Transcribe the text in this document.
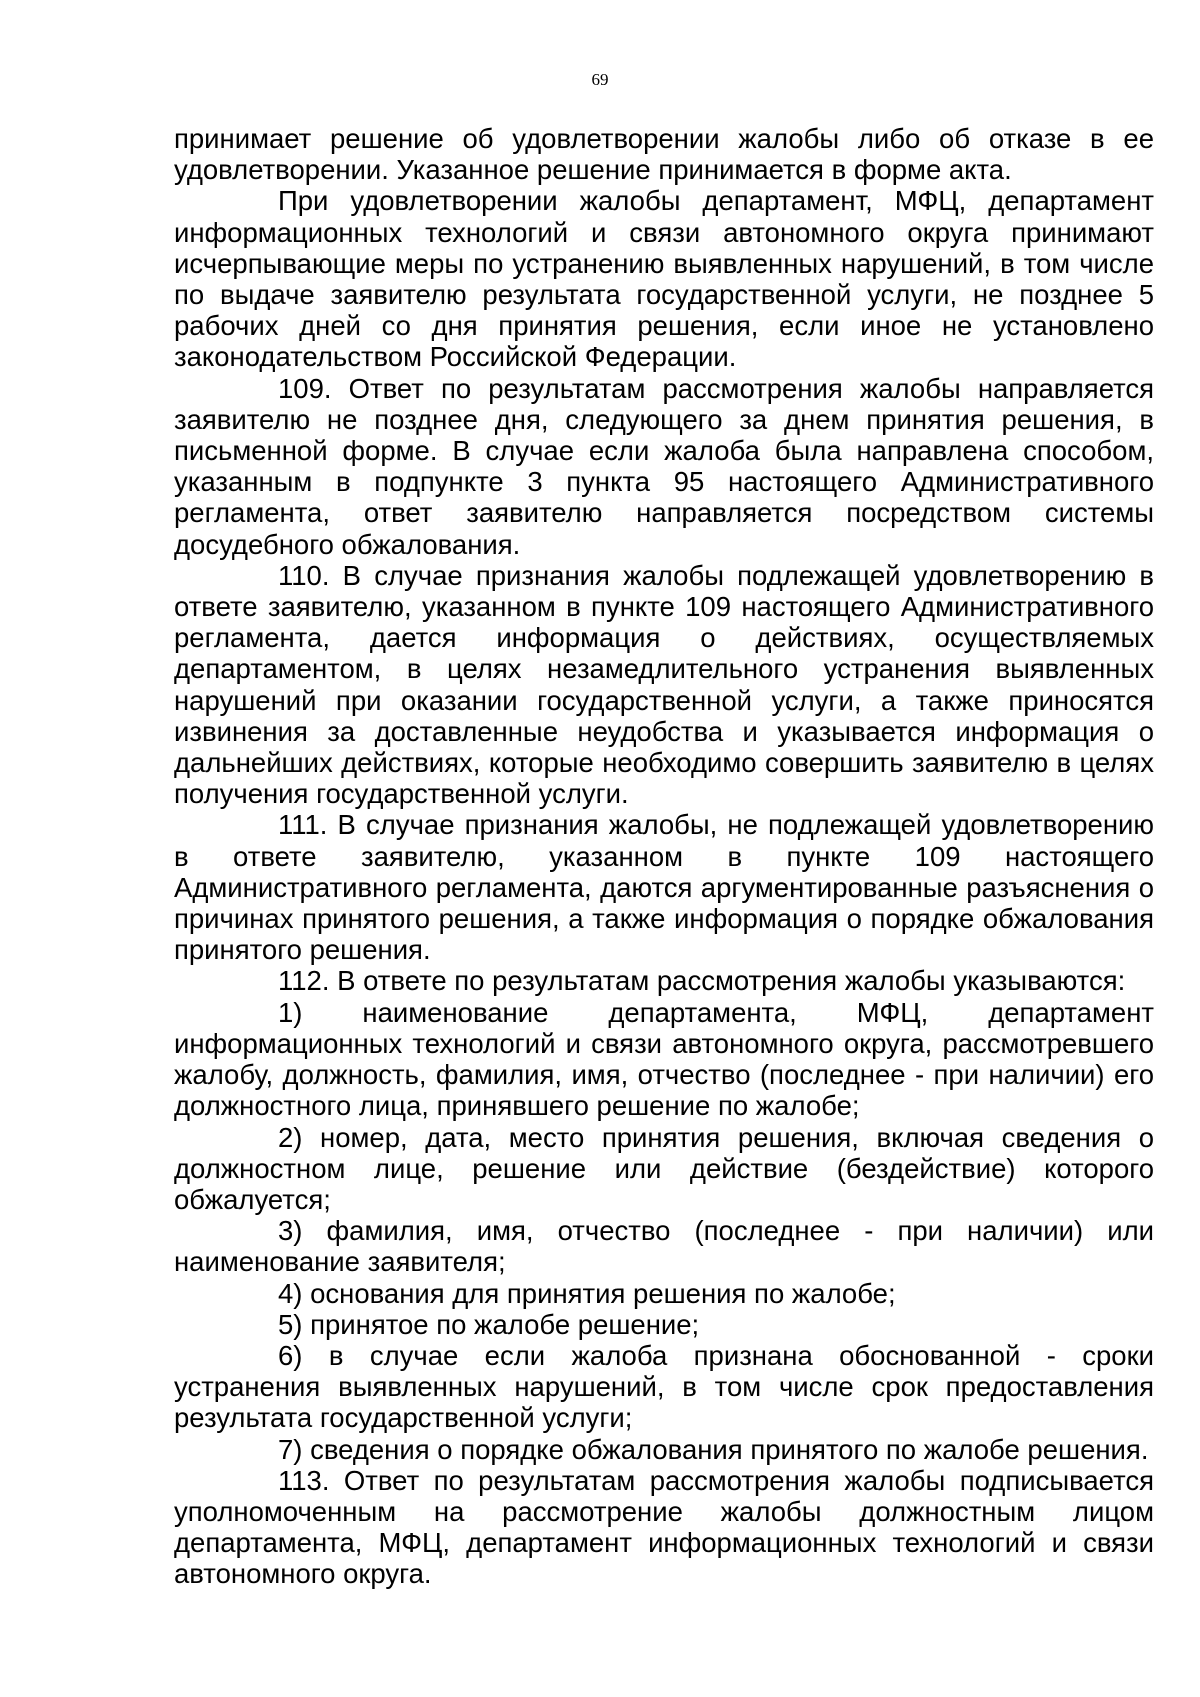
69

принимает решение об удовлетворении жалобы либо об отказе в ее удовлетворении. Указанное решение принимается в форме акта.

При удовлетворении жалобы департамент, МФЦ, департамент информационных технологий и связи автономного округа принимают исчерпывающие меры по устранению выявленных нарушений, в том числе по выдаче заявителю результата государственной услуги, не позднее 5 рабочих дней со дня принятия решения, если иное не установлено законодательством Российской Федерации.

109. Ответ по результатам рассмотрения жалобы направляется заявителю не позднее дня, следующего за днем принятия решения, в письменной форме. В случае если жалоба была направлена способом, указанным в подпункте 3 пункта 95 настоящего Административного регламента, ответ заявителю направляется посредством системы досудебного обжалования.

110. В случае признания жалобы подлежащей удовлетворению в ответе заявителю, указанном в пункте 109 настоящего Административного регламента, дается информация о действиях, осуществляемых департаментом, в целях незамедлительного устранения выявленных нарушений при оказании государственной услуги, а также приносятся извинения за доставленные неудобства и указывается информация о дальнейших действиях, которые необходимо совершить заявителю в целях получения государственной услуги.

111. В случае признания жалобы, не подлежащей удовлетворению в ответе заявителю, указанном в пункте 109 настоящего Административного регламента, даются аргументированные разъяснения о причинах принятого решения, а также информация о порядке обжалования принятого решения.

112. В ответе по результатам рассмотрения жалобы указываются:

1) наименование департамента, МФЦ, департамент информационных технологий и связи автономного округа, рассмотревшего жалобу, должность, фамилия, имя, отчество (последнее - при наличии) его должностного лица, принявшего решение по жалобе;

2) номер, дата, место принятия решения, включая сведения о должностном лице, решение или действие (бездействие) которого обжалуется;

3) фамилия, имя, отчество (последнее - при наличии) или наименование заявителя;

4) основания для принятия решения по жалобе;

5) принятое по жалобе решение;

6) в случае если жалоба признана обоснованной - сроки устранения выявленных нарушений, в том числе срок предоставления результата государственной услуги;

7) сведения о порядке обжалования принятого по жалобе решения.

113. Ответ по результатам рассмотрения жалобы подписывается уполномоченным на рассмотрение жалобы должностным лицом департамента, МФЦ, департамент информационных технологий и связи автономного округа.
